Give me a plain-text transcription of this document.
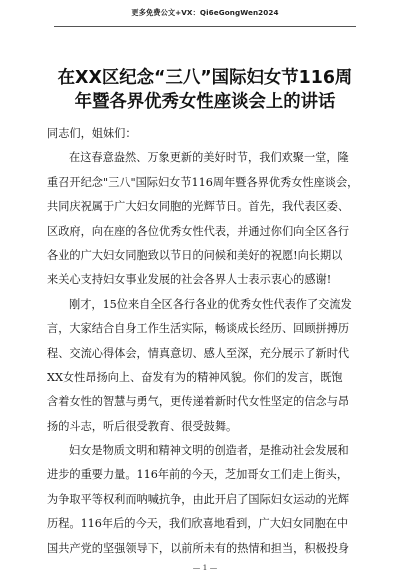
更多免费公文+VX：Qi6eGongWen2024
在XX区纪念“三八”国际妇女节116周
年暨各界优秀女性座谈会上的讲话
同志们，姐妹们：
在这春意盎然、万象更新的美好时节，我们欢聚一堂，隆
重召开纪念"三八"国际妇女节116周年暨各界优秀女性座谈会，
共同庆祝属于广大妇女同胞的光辉节日。首先，我代表区委、
区政府，向在座的各位优秀女性代表，并通过你们向全区各行
各业的广大妇女同胞致以节日的问候和美好的祝愿!向长期以
来关心支持妇女事业发展的社会各界人士表示衷心的感谢!
刚才，15位来自全区各行各业的优秀女性代表作了交流发
言，大家结合自身工作生活实际，畅谈成长经历、回顾拼搏历
程、交流心得体会，情真意切、感人至深，充分展示了新时代
XX女性昂扬向上、奋发有为的精神风貌。你们的发言，既饱
含着女性的智慧与勇气，更传递着新时代女性坚定的信念与昂
扬的斗志，听后很受教育、很受鼓舞。
妇女是物质文明和精神文明的创造者，是推动社会发展和
进步的重要力量。116年前的今天，芝加哥女工们走上街头，
为争取平等权利而呐喊抗争，由此开启了国际妇女运动的光辉
历程。116年后的今天，我们欣喜地看到，广大妇女同胞在中
国共产党的坚强领导下，以前所未有的热情和担当，积极投身
— 1 —
